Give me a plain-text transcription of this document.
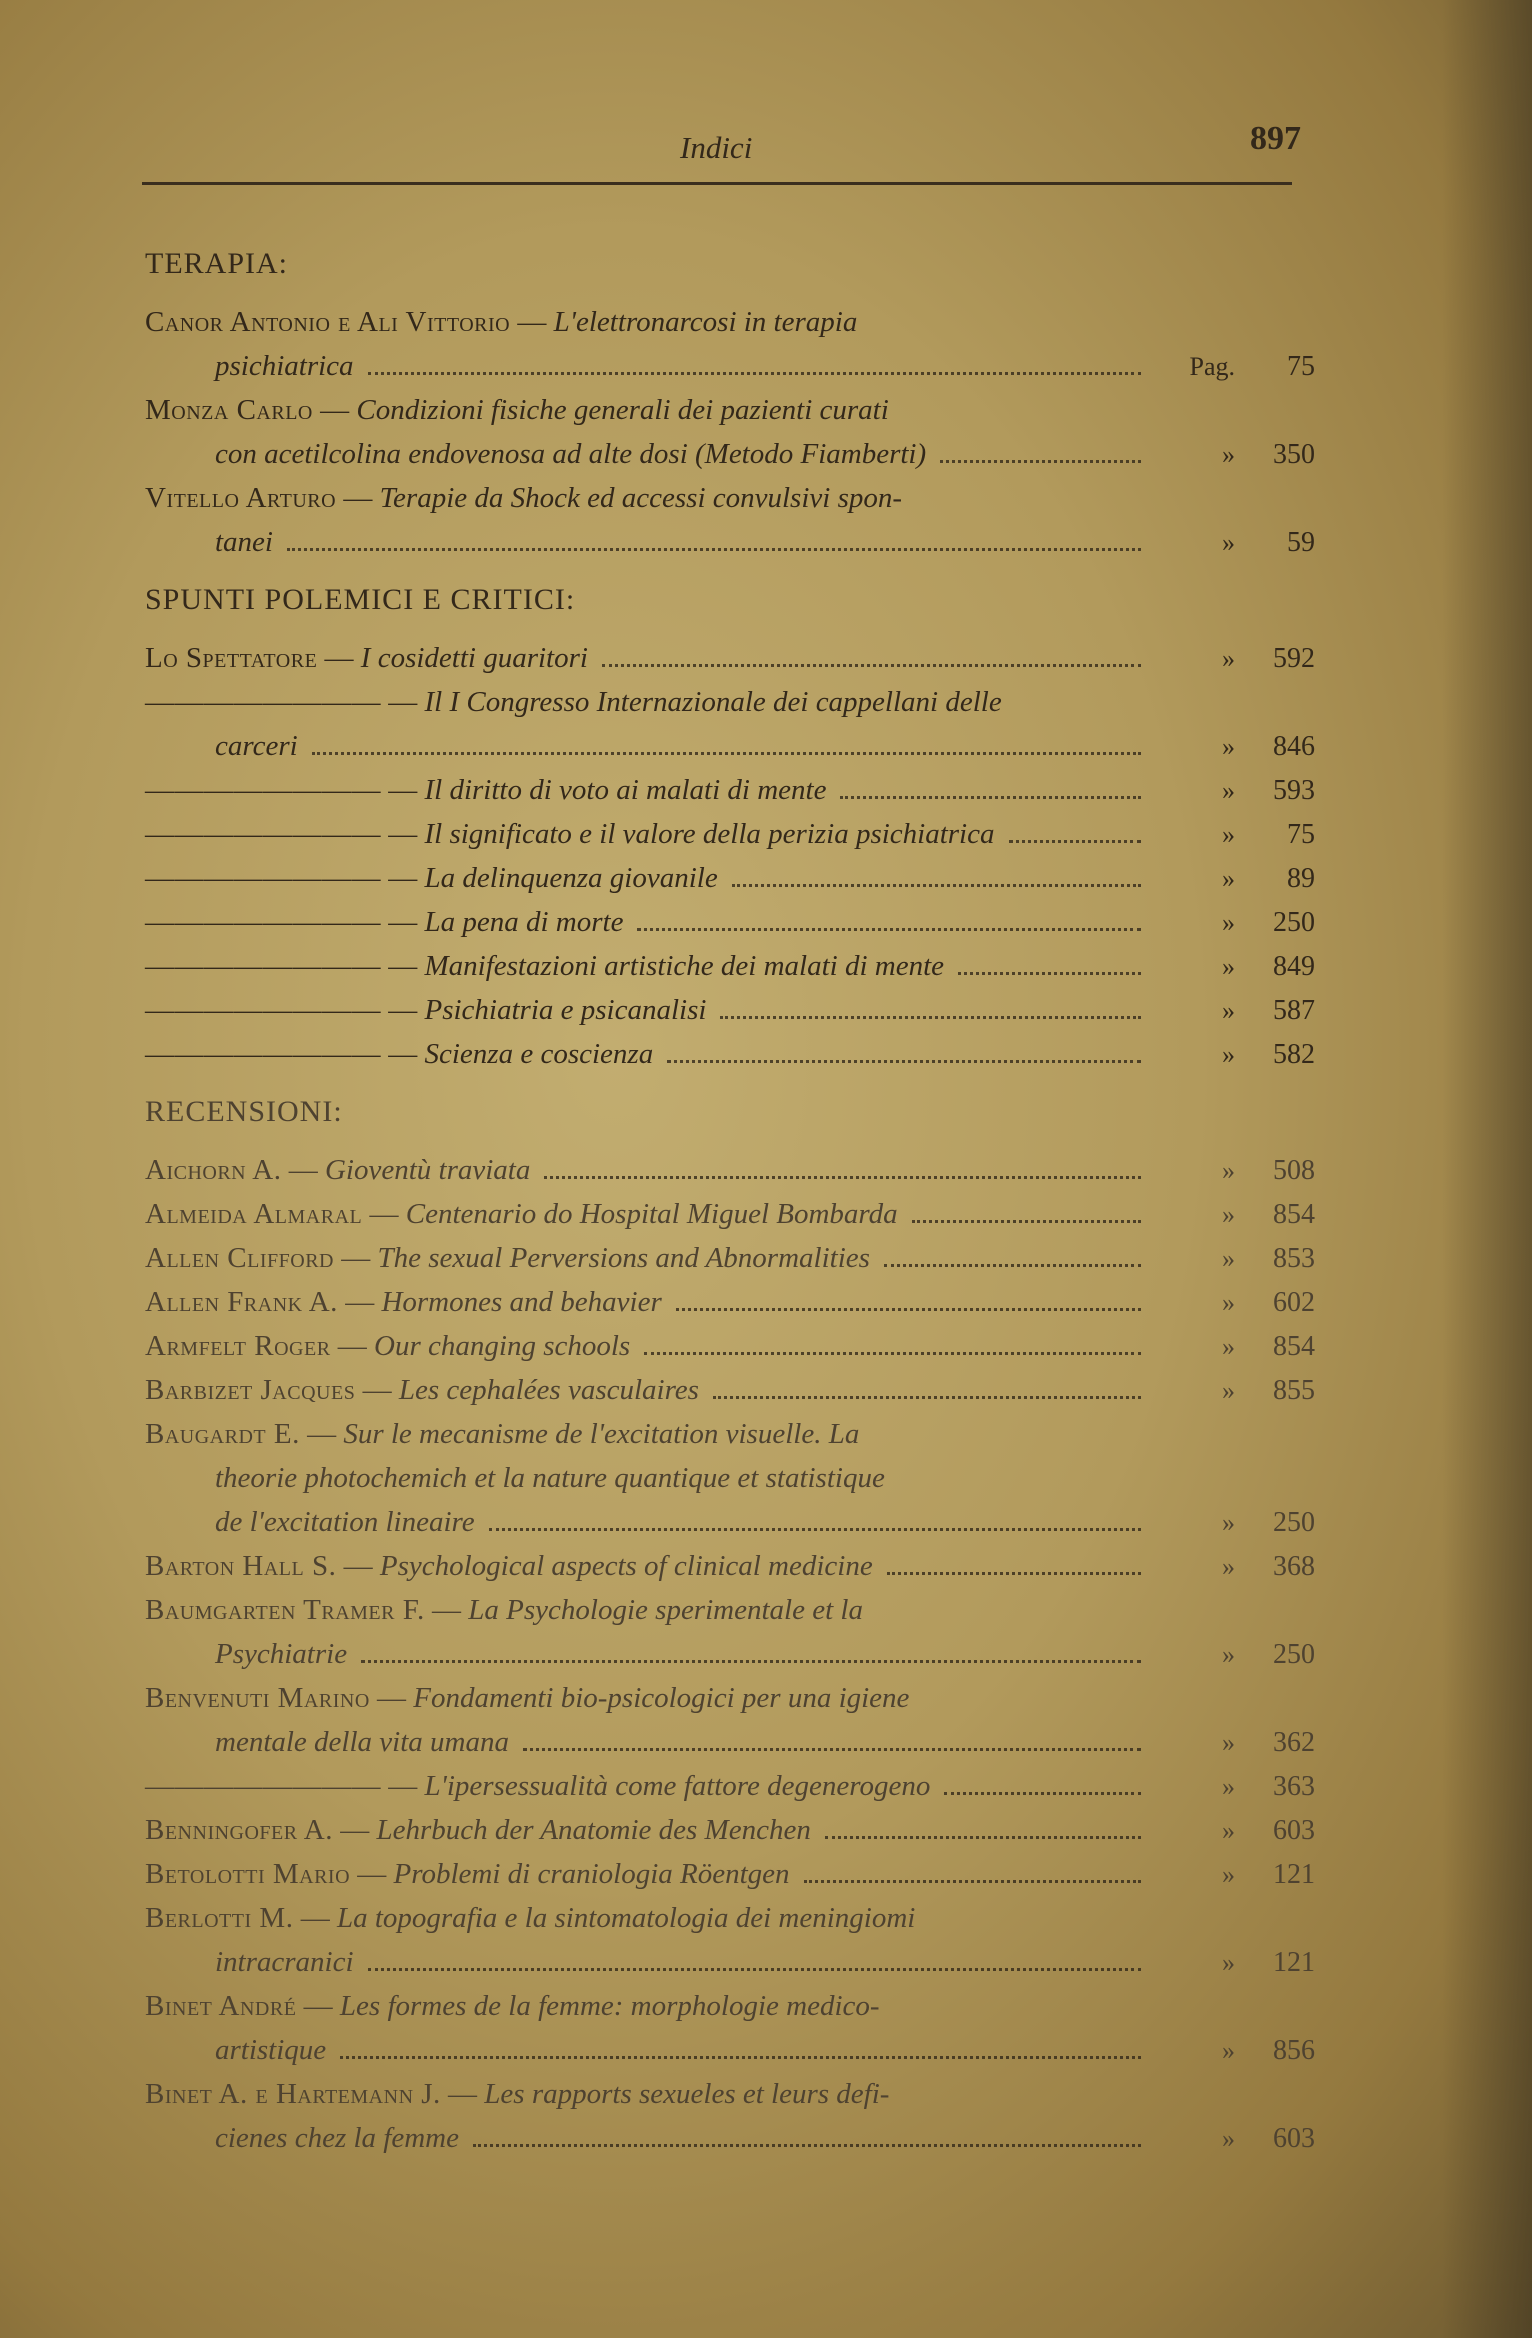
Indici	897
TERAPIA:
Canor Antonio e Ali Vittorio — L'elettronarcosi in terapia
psichiatrica	Pag.	75
Monza Carlo — Condizioni fisiche generali dei pazienti curati
con acetilcolina endovenosa ad alte dosi (Metodo Fiamberti)	»	350
Vitello Arturo — Terapie da Shock ed accessi convulsivi spon-
tanei	»	59
SPUNTI POLEMICI E CRITICI:
Lo Spettatore — I cosidetti guaritori	»	592
———————— — Il I Congresso Internazionale dei cappellani delle
carceri	»	846
———————— — Il diritto di voto ai malati di mente	»	593
———————— — Il significato e il valore della perizia psichiatrica	»	75
———————— — La delinquenza giovanile	»	89
———————— — La pena di morte	»	250
———————— — Manifestazioni artistiche dei malati di mente	»	849
———————— — Psichiatria e psicanalisi	»	587
———————— — Scienza e coscienza	»	582
RECENSIONI:
Aichorn A. — Gioventù traviata	»	508
Almeida Almaral — Centenario do Hospital Miguel Bombarda	»	854
Allen Clifford — The sexual Perversions and Abnormalities	»	853
Allen Frank A. — Hormones and behavier	»	602
Armfelt Roger — Our changing schools	»	854
Barbizet Jacques — Les cephalées vasculaires	»	855
Baugardt E. — Sur le mecanisme de l'excitation visuelle. La
theorie photochemich et la nature quantique et statistique
de l'excitation lineaire	»	250
Barton Hall S. — Psychological aspects of clinical medicine	»	368
Baumgarten Tramer F. — La Psychologie sperimentale et la
Psychiatrie	»	250
Benvenuti Marino — Fondamenti bio-psicologici per una igiene
mentale della vita umana	»	362
———————— — L'ipersessualità come fattore degenerogeno	»	363
Benningofer A. — Lehrbuch der Anatomie des Menchen	»	603
Betolotti Mario — Problemi di craniologia Röentgen	»	121
Berlotti M. — La topografia e la sintomatologia dei meningiomi
intracranici	»	121
Binet André — Les formes de la femme: morphologie medico-
artistique	»	856
Binet A. e Hartemann J. — Les rapports sexueles et leurs defi-
cienes chez la femme	»	603
